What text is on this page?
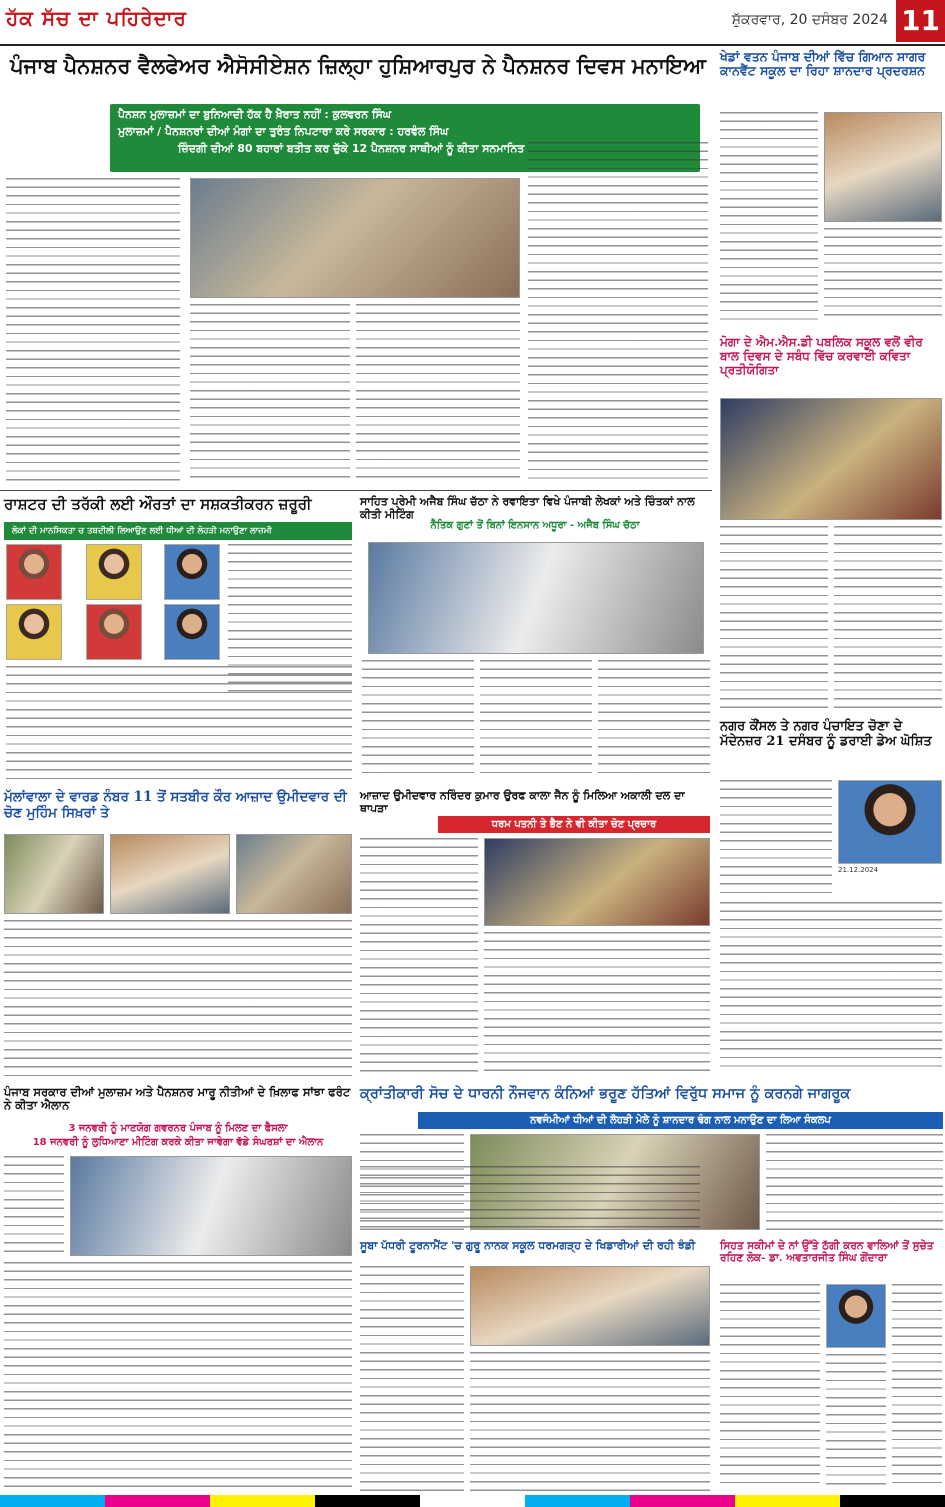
ਹੱਕ ਸੱਚ ਦਾ ਪਹਿਰੇਦਾਰ	ਸ਼ੁੱਕਰਵਾਰ, 20 ਦਸੰਬਰ 2024 11
ਪੰਜਾਬ ਪੈਨਸ਼ਨਰ ਵੈਲਫੇਅਰ ਐਸੋਸੀਏਸ਼ਨ ਜ਼ਿਲ੍ਹਾ ਹੁਸ਼ਿਆਰਪੁਰ ਨੇ ਪੈਨਸ਼ਨਰ ਦਿਵਸ ਮਨਾਇਆ
ਪੈਨਸ਼ਨ ਮੁਲਾਜ਼ਮਾਂ ਦਾ ਬੁਨਿਆਦੀ ਹੱਕ ਹੈ ਖ਼ੈਰਾਤ ਨਹੀਂ : ਕੁਲਵਰਨ ਸਿੰਘ
ਮੁਲਾਜ਼ਮਾਂ / ਪੈਨਸ਼ਨਰਾਂ ਦੀਆਂ ਮੰਗਾਂ ਦਾ ਤੁਰੰਤ ਨਿਪਟਾਰਾ ਕਰੇ ਸਰਕਾਰ : ਹਰਵੰਲ ਸਿੰਘ
ਜ਼ਿੰਦਗੀ ਦੀਆਂ 80 ਬਹਾਰਾਂ ਬਤੀਤ ਕਰ ਚੁੱਕੇ 12 ਪੈਨਸ਼ਨਰ ਸਾਥੀਆਂ ਨੂੰ ਕੀਤਾ ਸਨਮਾਨਿਤ
ਖੇਡਾਂ ਵਤਨ ਪੰਜਾਬ ਦੀਆਂ ਵਿੱਚ ਗਿਆਨ ਸਾਗਰ ਕਾਨਵੈਂਟ ਸਕੂਲ ਦਾ ਰਿਹਾ ਸ਼ਾਨਦਾਰ ਪ੍ਰਦਰਸ਼ਨ
ਮੋਗਾ ਦੇ ਐਮ.ਐਸ.ਡੀ ਪਬਲਿਕ ਸਕੂਲ ਵਲੋਂ ਵੀਰ ਬਾਲ ਦਿਵਸ ਦੇ ਸਬੰਧ ਵਿੱਚ ਕਰਵਾਈ ਕਵਿਤਾ ਪ੍ਰਤੀਯੋਗਿਤਾ
ਰਾਸ਼ਟਰ ਦੀ ਤਰੱਕੀ ਲਈ ਔਰਤਾਂ ਦਾ ਸਸ਼ਕਤੀਕਰਨ ਜ਼ਰੂਰੀ
ਲੋਕਾਂ ਦੀ ਮਾਨਸਿਕਤਾ ਚ ਤਬਦੀਲੀ ਲਿਆਉਣ ਲਈ ਧੀਆਂ ਦੀ ਲੋਹੜੀ ਮਨਾਉਣਾ ਲਾਜ਼ਮੀ
ਸਾਹਿਤ ਪ੍ਰੇਮੀ ਅਜੈਬ ਸਿੰਘ ਚੱਠਾ ਨੇ ਰਵਾਇਤਾ ਵਿਖੇ ਪੰਜਾਬੀ ਲੇਖਕਾਂ ਅਤੇ ਚਿੰਤਕਾਂ ਨਾਲ ਕੀਤੀ ਮੀਟਿੰਗ
ਨੈਤਿਕ ਗੁਣਾਂ ਤੋਂ ਬਿਨਾਂ ਇਨਸਾਨ ਅਧੂਰਾ - ਅਜੈਬ ਸਿੰਘ ਚੱਠਾ
ਨਗਰ ਕੌਂਸਲ ਤੇ ਨਗਰ ਪੰਚਾਇਤ ਚੋਣਾ ਦੇ ਮੱਦੇਨਜ਼ਰ 21 ਦਸੰਬਰ ਨੂੰ ਡਰਾਈ ਡੇਅ ਘੋਸ਼ਿਤ
21.12.2024
ਮੱਲਾਂਵਾਲਾ ਦੇ ਵਾਰਡ ਨੰਬਰ 11 ਤੋਂ ਸਤਬੀਰ ਕੌਰ ਆਜ਼ਾਦ ਉਮੀਦਵਾਰ ਦੀ ਚੋਣ ਮੁਹਿੰਮ ਸਿਖ਼ਰਾਂ ਤੇ
ਆਜ਼ਾਦ ਉਮੀਦਵਾਰ ਨਰਿੰਦਰ ਕੁਮਾਰ ਉਰਫ ਕਾਲਾ ਜੈਨ ਨੂੰ ਮਿਲਿਆ ਅਕਾਲੀ ਦਲ ਦਾ ਥਾਪੜਾ
ਧਰਮ ਪਤਨੀ ਤੇ ਭੈਣ ਨੇ ਵੀ ਕੀਤਾ ਚੋਣ ਪ੍ਰਚਾਰ
ਪੰਜਾਬ ਸਰਕਾਰ ਦੀਆਂ ਮੁਲਾਜ਼ਮ ਅਤੇ ਪੈਨਸ਼ਨਰ ਮਾਰੂ ਨੀਤੀਆਂ ਦੇ ਖ਼ਿਲਾਫ ਸਾਂਝਾ ਫਰੰਟ ਨੇ ਕੀਤਾ ਐਲਾਨ
3 ਜਨਵਰੀ ਨੂੰ ਮਾਣਯੋਗ ਗਵਰਨਰ ਪੰਜਾਬ ਨੂੰ ਮਿਲਣ ਦਾ ਫੈਸਲਾ
18 ਜਨਵਰੀ ਨੂੰ ਲੁਧਿਆਣਾ ਮੀਟਿੰਗ ਕਰਕੇ ਕੀਤਾ ਜਾਵੇਗਾ ਵੱਡੇ ਸੰਘਰਸ਼ਾਂ ਦਾ ਐਲਾਨ
ਕ੍ਰਾਂਤੀਕਾਰੀ ਸੋਚ ਦੇ ਧਾਰਨੀ ਨੌਜਵਾਨ ਕੰਨਿਆਂ ਭਰੂਣ ਹੱਤਿਆਂ ਵਿਰੁੱਧ ਸਮਾਜ ਨੂੰ ਕਰਨਗੇ ਜਾਗਰੂਕ
ਨਵਜੰਮੀਆਂ ਧੀਆਂ ਦੀ ਲੋਹੜੀ ਮੇਲੇ ਨੂੰ ਸ਼ਾਨਦਾਰ ਢੰਗ ਨਾਲ ਮਨਾਉਣ ਦਾ ਲਿਆ ਸੰਕਲਪ
ਸੂਬਾ ਪੱਧਰੀ ਟੂਰਨਾਮੈਂਟ 'ਚ ਗੁਰੂ ਨਾਨਕ ਸਕੂਲ ਧਰਮਗੜ੍ਹ ਦੇ ਖਿਡਾਰੀਆਂ ਦੀ ਰਹੀ ਝੰਡੀ	ਸਿਹਤ ਸਕੀਮਾਂ ਦੇ ਨਾਂ ਉੱਤੇ ਠੱਗੀ ਕਰਨ ਵਾਲਿਆਂ ਤੋਂ ਸੁਚੇਤ ਰਹਿਣ ਲੋਕ- ਡਾ. ਅਵਤਾਰਜੀਤ ਸਿੰਘ ਗੋਂਦਾਰਾ
